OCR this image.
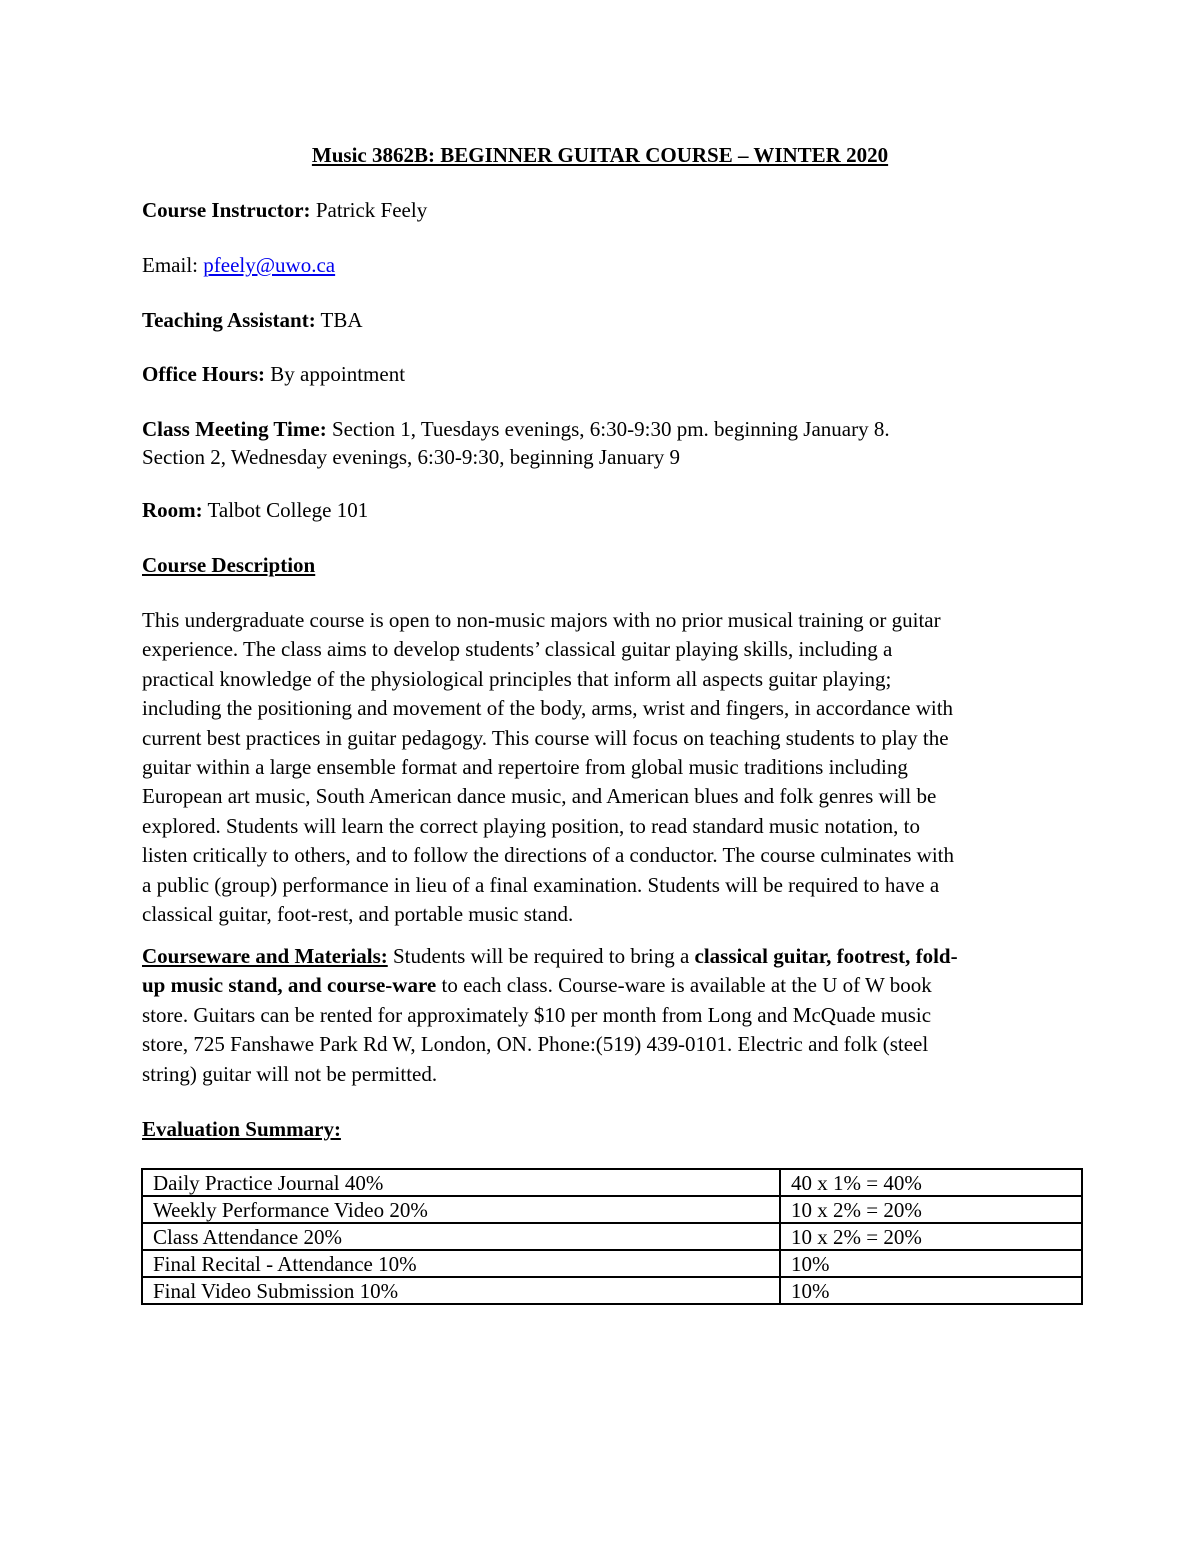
Music 3862B: BEGINNER GUITAR COURSE – WINTER 2020
Course Instructor: Patrick Feely
Email: pfeely@uwo.ca
Teaching Assistant: TBA
Office Hours: By appointment
Class Meeting Time: Section 1, Tuesdays evenings, 6:30-9:30 pm. beginning January 8.
Section 2, Wednesday evenings, 6:30-9:30, beginning January 9
Room: Talbot College 101
Course Description

This undergraduate course is open to non-music majors with no prior musical training or guitar

experience. The class aims to develop students’ classical guitar playing skills, including a

practical knowledge of the physiological principles that inform all aspects guitar playing;

including the positioning and movement of the body, arms, wrist and fingers, in accordance with

current best practices in guitar pedagogy. This course will focus on teaching students to play the

guitar within a large ensemble format and repertoire from global music traditions including

European art music, South American dance music, and American blues and folk genres will be

explored. Students will learn the correct playing position, to read standard music notation, to

listen critically to others, and to follow the directions of a conductor. The course culminates with

a public (group) performance in lieu of a final examination. Students will be required to have a

classical guitar, foot-rest, and portable music stand.

Courseware and Materials: Students will be required to bring a classical guitar, footrest, fold-

up music stand, and course-ware to each class. Course-ware is available at the U of W book

store. Guitars can be rented for approximately $10 per month from Long and McQuade music

store, 725 Fanshawe Park Rd W, London, ON. Phone:(519) 439-0101. Electric and folk (steel

string) guitar will not be permitted.

Evaluation Summary:
Daily Practice Journal 40%	40 x 1% = 40%
Weekly Performance Video 20%	10 x 2% = 20%
Class Attendance 20%	10 x 2% = 20%
Final Recital - Attendance 10%	10%
Final Video Submission 10%	10%
